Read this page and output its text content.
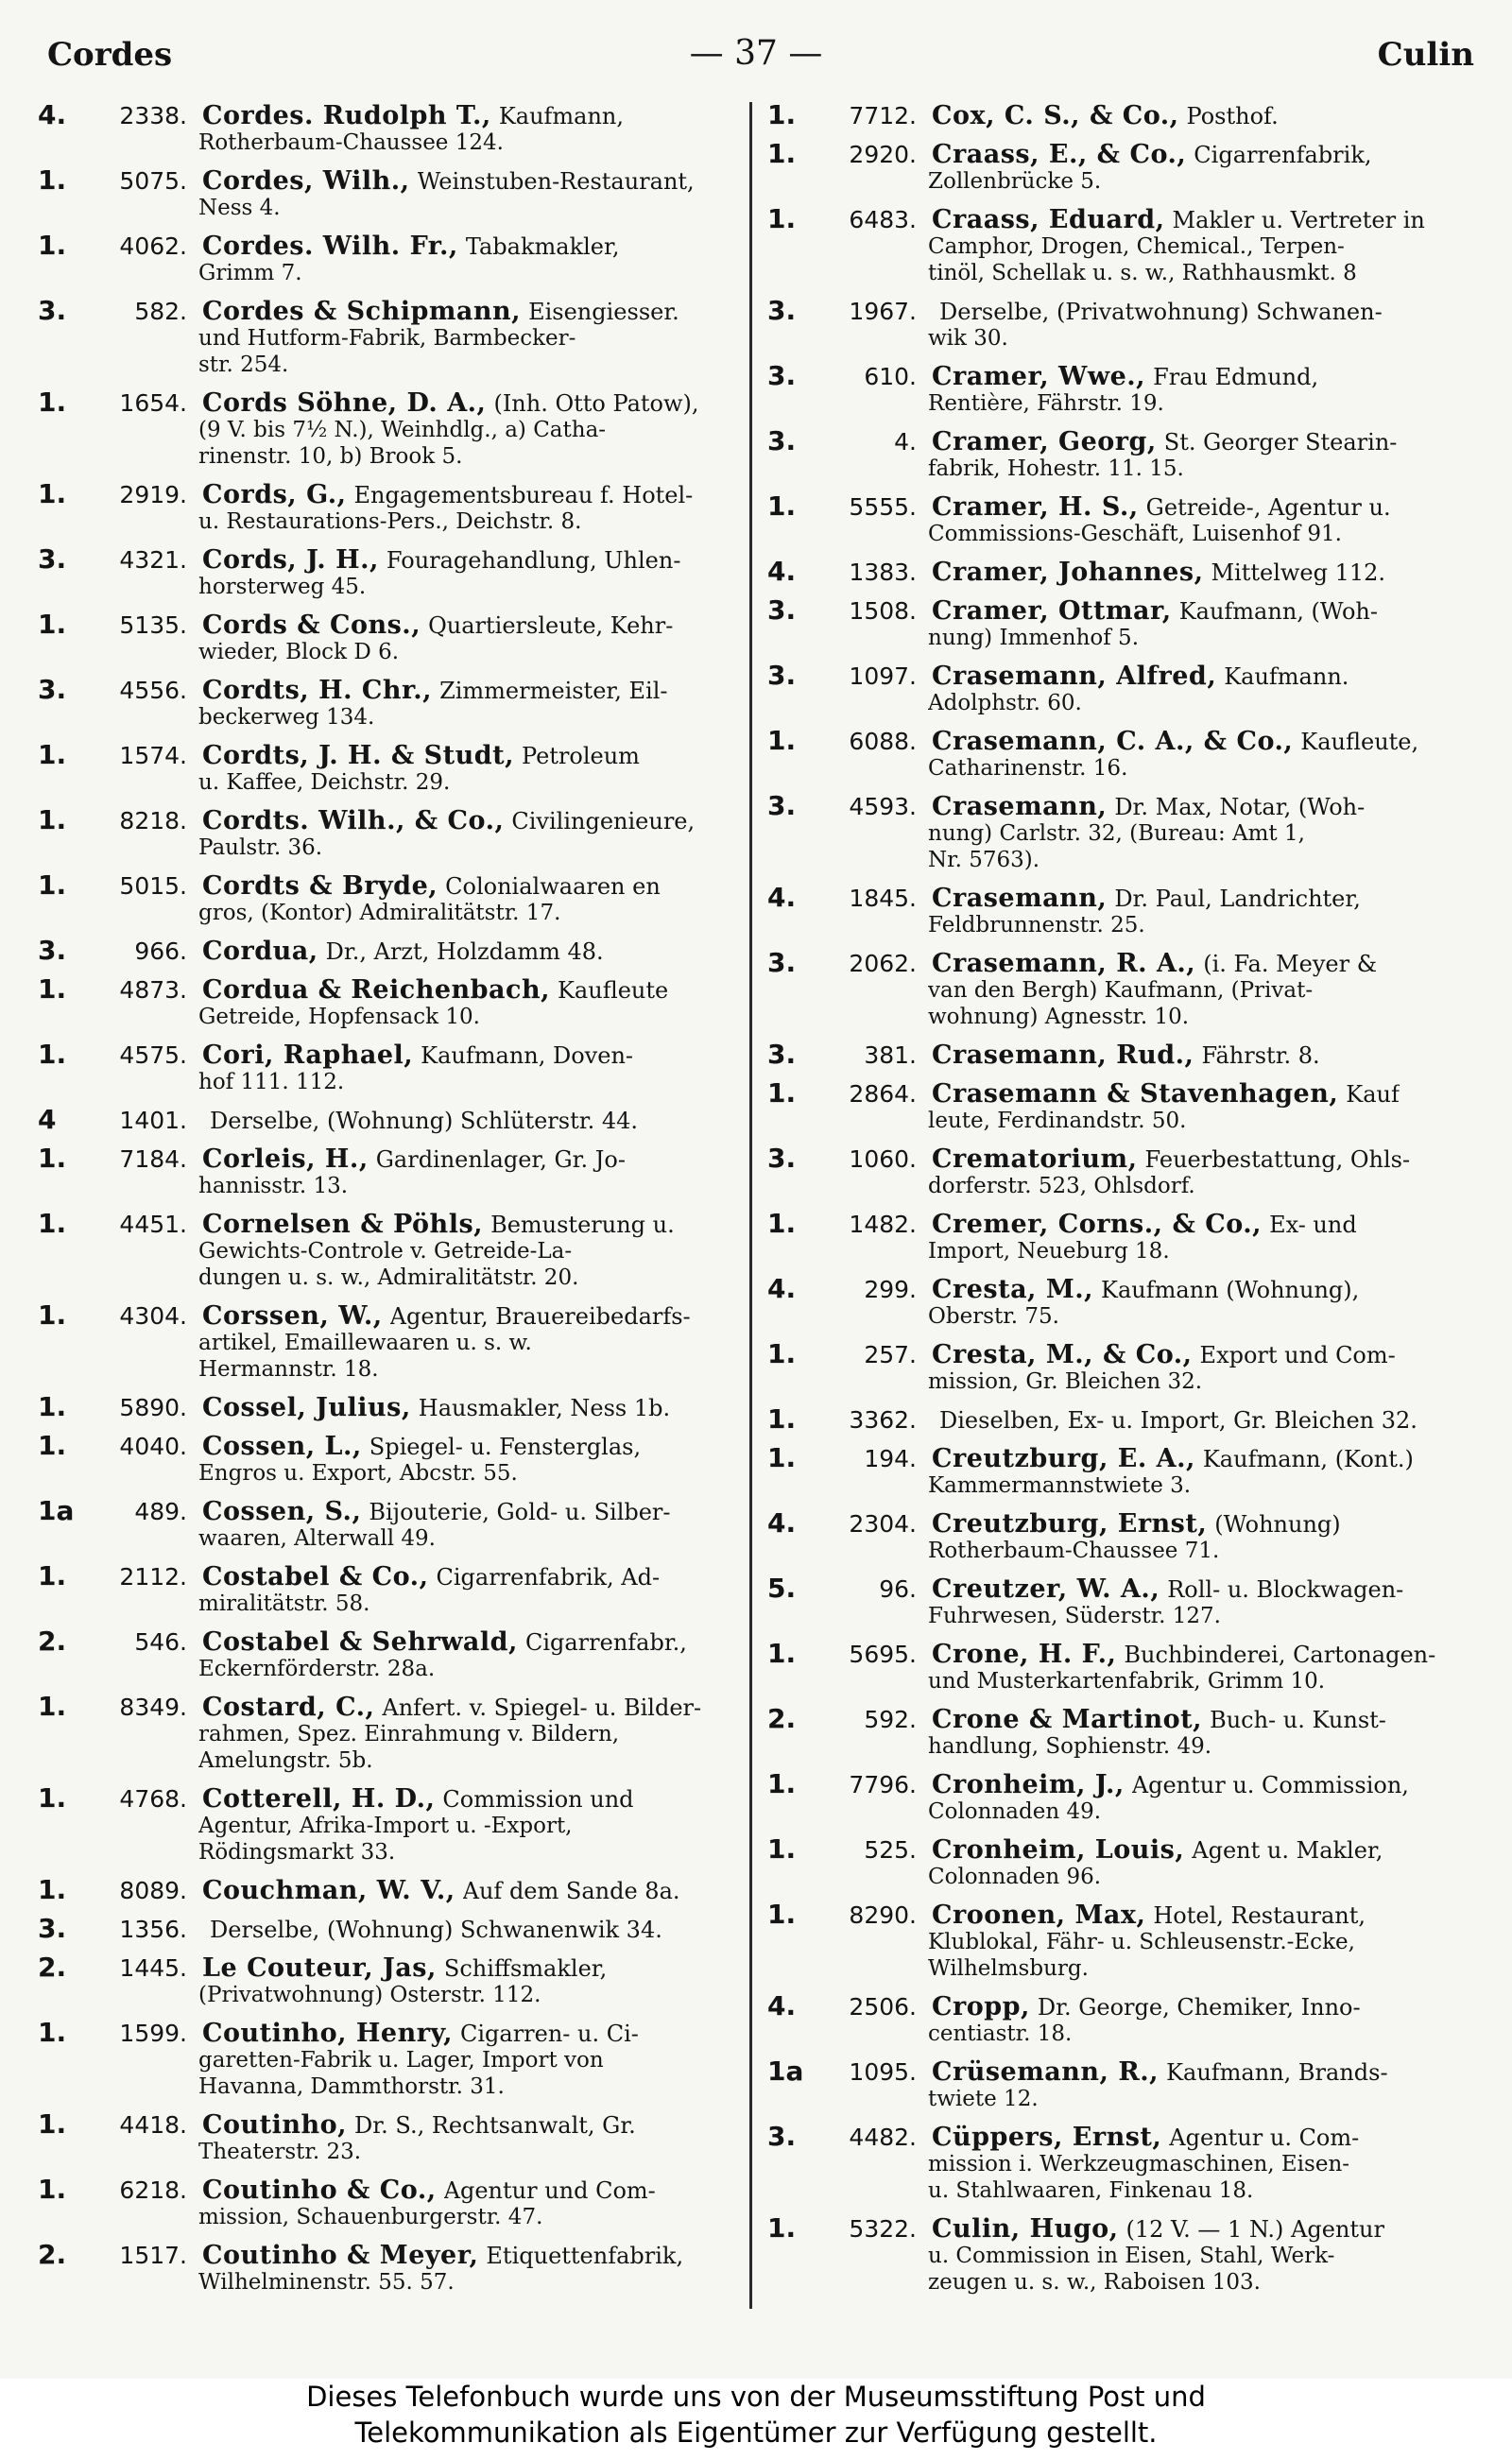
Cordes	— 37 —	Culin
4.	2338. Cordes. Rudolph T., Kaufmann,
Rotherbaum-Chaussee 124.
1.	5075. Cordes, Wilh., Weinstuben-Restaurant,
Ness 4.
1.	4062. Cordes. Wilh. Fr., Tabakmakler,
Grimm 7.
3.	582. Cordes & Schipmann, Eisengiesser.
und Hutform-Fabrik, Barmbecker-
str. 254.
1.	1654. Cords Söhne, D. A., (Inh. Otto Patow),
(9 V. bis 7½ N.), Weinhdlg., a) Catha-
rinenstr. 10, b) Brook 5.
1.	2919. Cords, G., Engagementsbureau f. Hotel-
u. Restaurations-Pers., Deichstr. 8.
3.	4321. Cords, J. H., Fouragehandlung, Uhlen-
horsterweg 45.
1.	5135. Cords & Cons., Quartiersleute, Kehr-
wieder, Block D 6.
3.	4556. Cordts, H. Chr., Zimmermeister, Eil-
beckerweg 134.
1.	1574. Cordts, J. H. & Studt, Petroleum
u. Kaffee, Deichstr. 29.
1.	8218. Cordts. Wilh., & Co., Civilingenieure,
Paulstr. 36.
1.	5015. Cordts & Bryde, Colonialwaaren en
gros, (Kontor) Admiralitätstr. 17.
3.	966. Cordua, Dr., Arzt, Holzdamm 48.
1.	4873. Cordua & Reichenbach, Kaufleute
Getreide, Hopfensack 10.
1.	4575. Cori, Raphael, Kaufmann, Doven-
hof 111. 112.
4	1401.	Derselbe, (Wohnung) Schlüterstr. 44.
1.	7184. Corleis, H., Gardinenlager, Gr. Jo-
hannisstr. 13.
1.	4451. Cornelsen & Pöhls, Bemusterung u.
Gewichts-Controle v. Getreide-La-
dungen u. s. w., Admiralitätstr. 20.
1.	4304. Corssen, W., Agentur, Brauereibedarfs-
artikel, Emaillewaaren u. s. w.
Hermannstr. 18.
1.	5890. Cossel, Julius, Hausmakler, Ness 1b.
1.	4040. Cossen, L., Spiegel- u. Fensterglas,
Engros u. Export, Abcstr. 55.
1a	489. Cossen, S., Bijouterie, Gold- u. Silber-
waaren, Alterwall 49.
1.	2112. Costabel & Co., Cigarrenfabrik, Ad-
miralitätstr. 58.
2.	546. Costabel & Sehrwald, Cigarrenfabr.,
Eckernförderstr. 28a.
1.	8349. Costard, C., Anfert. v. Spiegel- u. Bilder-
rahmen, Spez. Einrahmung v. Bildern,
Amelungstr. 5b.
1.	4768. Cotterell, H. D., Commission und
Agentur, Afrika-Import u. -Export,
Rödingsmarkt 33.
1.	8089. Couchman, W. V., Auf dem Sande 8a.
3.	1356.	Derselbe, (Wohnung) Schwanenwik 34.
2.	1445. Le Couteur, Jas, Schiffsmakler,
(Privatwohnung) Osterstr. 112.
1.	1599. Coutinho, Henry, Cigarren- u. Ci-
garetten-Fabrik u. Lager, Import von
Havanna, Dammthorstr. 31.
1.	4418. Coutinho, Dr. S., Rechtsanwalt, Gr.
Theaterstr. 23.
1.	6218. Coutinho & Co., Agentur und Com-
mission, Schauenburgerstr. 47.
2.	1517. Coutinho & Meyer, Etiquettenfabrik,
Wilhelminenstr. 55. 57.
1.	7712. Cox, C. S., & Co., Posthof.
1.	2920. Craass, E., & Co., Cigarrenfabrik,
Zollenbrücke 5.
1.	6483. Craass, Eduard, Makler u. Vertreter in
Camphor, Drogen, Chemical., Terpen-
tinöl, Schellak u. s. w., Rathhausmkt. 8
3.	1967.	Derselbe, (Privatwohnung) Schwanen-
wik 30.
3.	610. Cramer, Wwe., Frau Edmund,
Rentière, Fährstr. 19.
3.	4. Cramer, Georg, St. Georger Stearin-
fabrik, Hohestr. 11. 15.
1.	5555. Cramer, H. S., Getreide-, Agentur u.
Commissions-Geschäft, Luisenhof 91.
4.	1383. Cramer, Johannes, Mittelweg 112.
3.	1508. Cramer, Ottmar, Kaufmann, (Woh-
nung) Immenhof 5.
3.	1097. Crasemann, Alfred, Kaufmann.
Adolphstr. 60.
1.	6088. Crasemann, C. A., & Co., Kaufleute,
Catharinenstr. 16.
3.	4593. Crasemann, Dr. Max, Notar, (Woh-
nung) Carlstr. 32, (Bureau: Amt 1,
Nr. 5763).
4.	1845. Crasemann, Dr. Paul, Landrichter,
Feldbrunnenstr. 25.
3.	2062. Crasemann, R. A., (i. Fa. Meyer &
van den Bergh) Kaufmann, (Privat-
wohnung) Agnesstr. 10.
3.	381. Crasemann, Rud., Fährstr. 8.
1.	2864. Crasemann & Stavenhagen, Kauf
leute, Ferdinandstr. 50.
3.	1060. Crematorium, Feuerbestattung, Ohls-
dorferstr. 523, Ohlsdorf.
1.	1482. Cremer, Corns., & Co., Ex- und
Import, Neueburg 18.
4.	299. Cresta, M., Kaufmann (Wohnung),
Oberstr. 75.
1.	257. Cresta, M., & Co., Export und Com-
mission, Gr. Bleichen 32.
1.	3362.	Dieselben, Ex- u. Import, Gr. Bleichen 32.
1.	194. Creutzburg, E. A., Kaufmann, (Kont.)
Kammermannstwiete 3.
4.	2304. Creutzburg, Ernst, (Wohnung)
Rotherbaum-Chaussee 71.
5.	96. Creutzer, W. A., Roll- u. Blockwagen-
Fuhrwesen, Süderstr. 127.
1.	5695. Crone, H. F., Buchbinderei, Cartonagen-
und Musterkartenfabrik, Grimm 10.
2.	592. Crone & Martinot, Buch- u. Kunst-
handlung, Sophienstr. 49.
1.	7796. Cronheim, J., Agentur u. Commission,
Colonnaden 49.
1.	525. Cronheim, Louis, Agent u. Makler,
Colonnaden 96.
1.	8290. Croonen, Max, Hotel, Restaurant,
Klublokal, Fähr- u. Schleusenstr.-Ecke,
Wilhelmsburg.
4.	2506. Cropp, Dr. George, Chemiker, Inno-
centiastr. 18.
1a	1095. Crüsemann, R., Kaufmann, Brands-
twiete 12.
3.	4482. Cüppers, Ernst, Agentur u. Com-
mission i. Werkzeugmaschinen, Eisen-
u. Stahlwaaren, Finkenau 18.
1.	5322. Culin, Hugo, (12 V. — 1 N.) Agentur
u. Commission in Eisen, Stahl, Werk-
zeugen u. s. w., Raboisen 103.
Dieses Telefonbuch wurde uns von der Museumsstiftung Post und
Telekommunikation als Eigentümer zur Verfügung gestellt.
